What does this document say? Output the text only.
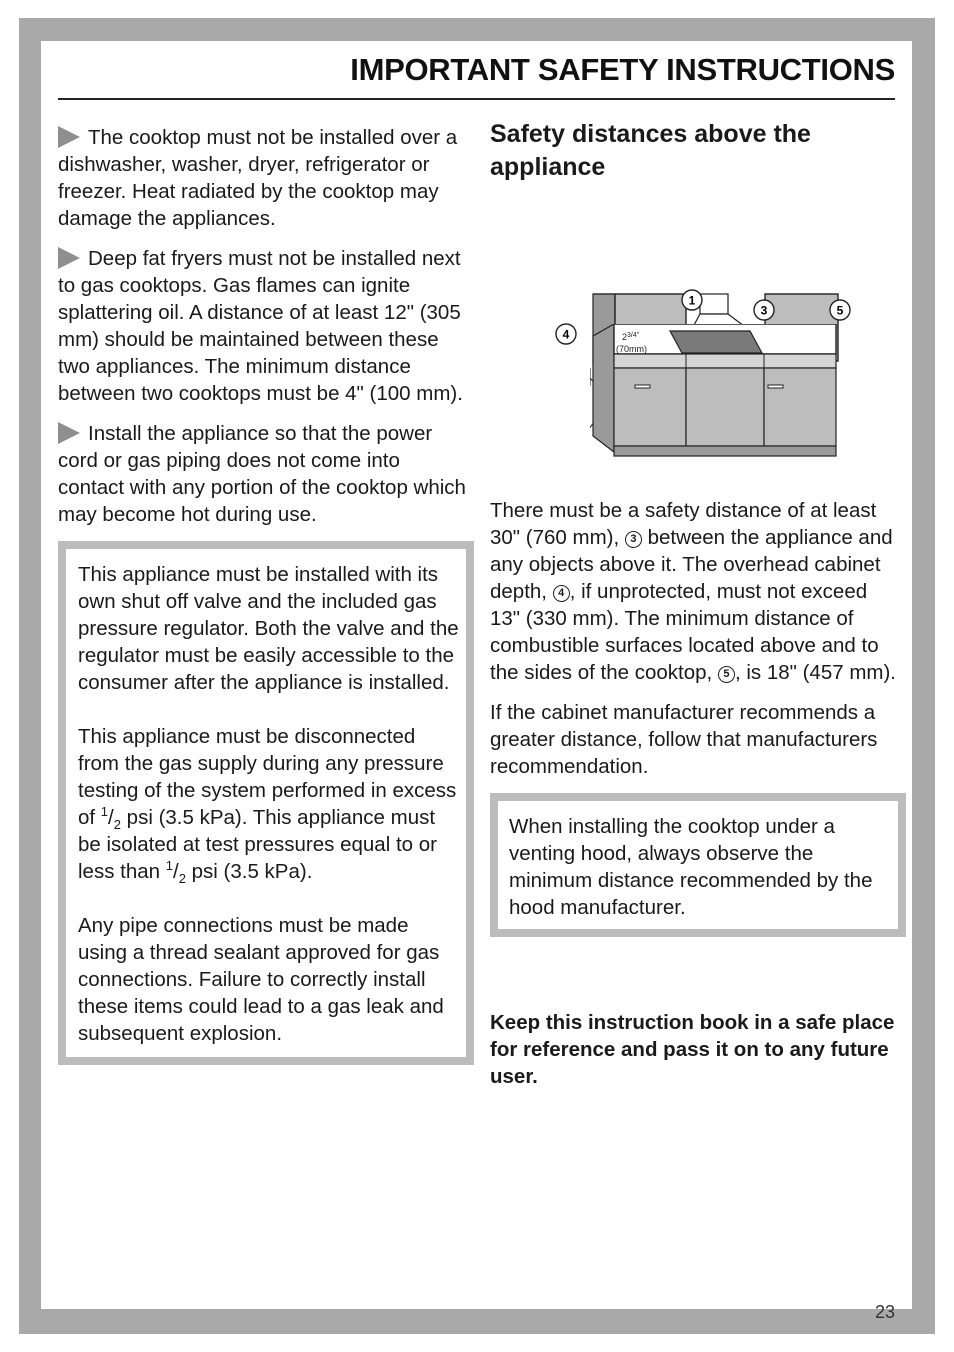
IMPORTANT SAFETY INSTRUCTIONS

The cooktop must not be installed over a dishwasher, washer, dryer, refrigerator or freezer. Heat radiated by the cooktop may damage the appliances.

Deep fat fryers must not be installed next to gas cooktops. Gas flames can ignite splattering oil. A distance of at least 12" (305 mm) should be maintained between these two appliances. The minimum distance between two cooktops must be 4" (100 mm).

Install the appliance so that the power cord or gas piping does not come into contact with any portion of the cooktop which may become hot during use.

This appliance must be installed with its own shut off valve and the included gas pressure regulator. Both the valve and the regulator must be easily accessible to the consumer after the appliance is installed.

This appliance must be disconnected from the gas supply during any pressure testing of the system performed in excess of $^1/_2$ psi (3.5 kPa). This appliance must be isolated at test pressures equal to or less than $^1/_2$ psi (3.5 kPa).

Any pipe connections must be made using a thread sealant approved for gas connections. Failure to correctly install these items could lead to a gas leak and subsequent explosion.

Safety distances above the appliance
$2^{3/4"}$
(70mm)
1
3
4
5

There must be a safety distance of at least 30" (760 mm), 3 between the appliance and any objects above it. The overhead cabinet depth, 4 , if unprotected, must not exceed 13" (330 mm). The minimum distance of combustible surfaces located above and to the sides of the cooktop, 5 , is 18" (457 mm).

If the cabinet manufacturer recommends a greater distance, follow that manufacturers recommendation.

When installing the cooktop under a venting hood, always observe the minimum distance recommended by the hood manufacturer.

Keep this instruction book in a safe place for reference and pass it on to any future user.

23
